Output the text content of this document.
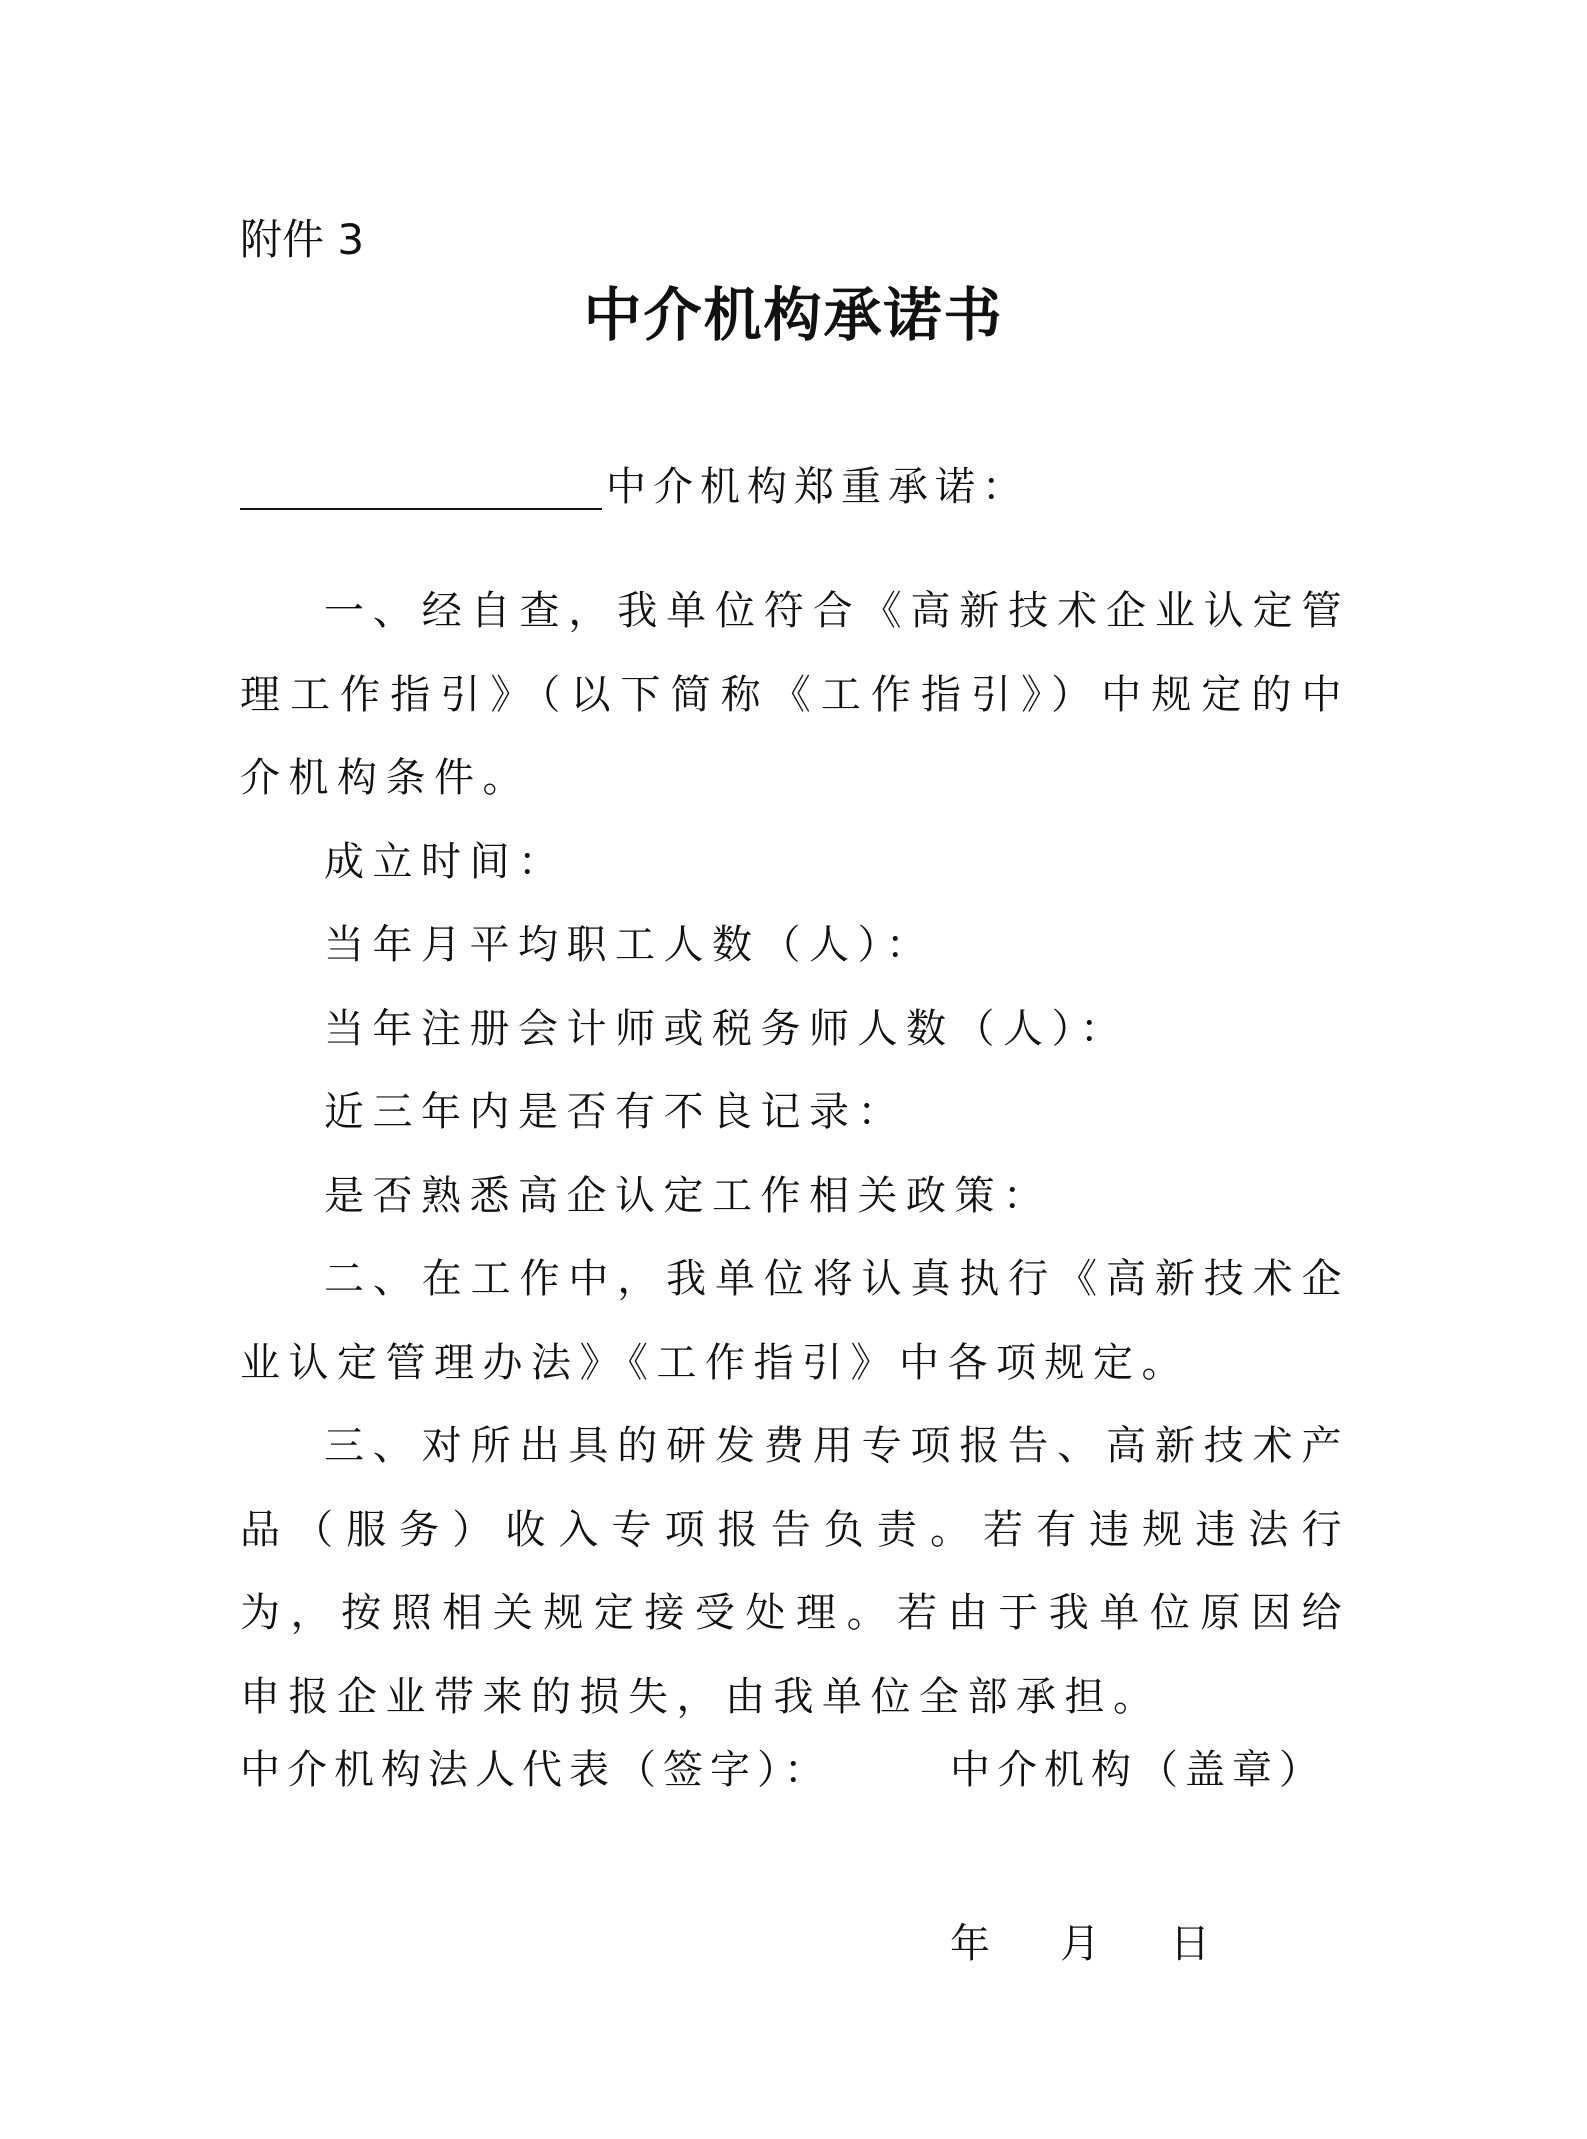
附件 3
中介机构承诺书
中介机构郑重承诺：

一、经自查，我单位符合《高新技术企业认定管理工作指引》（以下简称《工作指引》）中规定的中介机构条件。

成立时间：

当年月平均职工人数（人）：

当年注册会计师或税务师人数（人）：

近三年内是否有不良记录：

是否熟悉高企认定工作相关政策：

二、在工作中，我单位将认真执行《高新技术企业认定管理办法》《工作指引》中各项规定。

三、对所出具的研发费用专项报告、高新技术产品（服务）收入专项报告负责。若有违规违法行为，按照相关规定接受处理。若由于我单位原因给申报企业带来的损失，由我单位全部承担。

中介机构法人代表（签字）：	中介机构（盖章）
年 月 日
